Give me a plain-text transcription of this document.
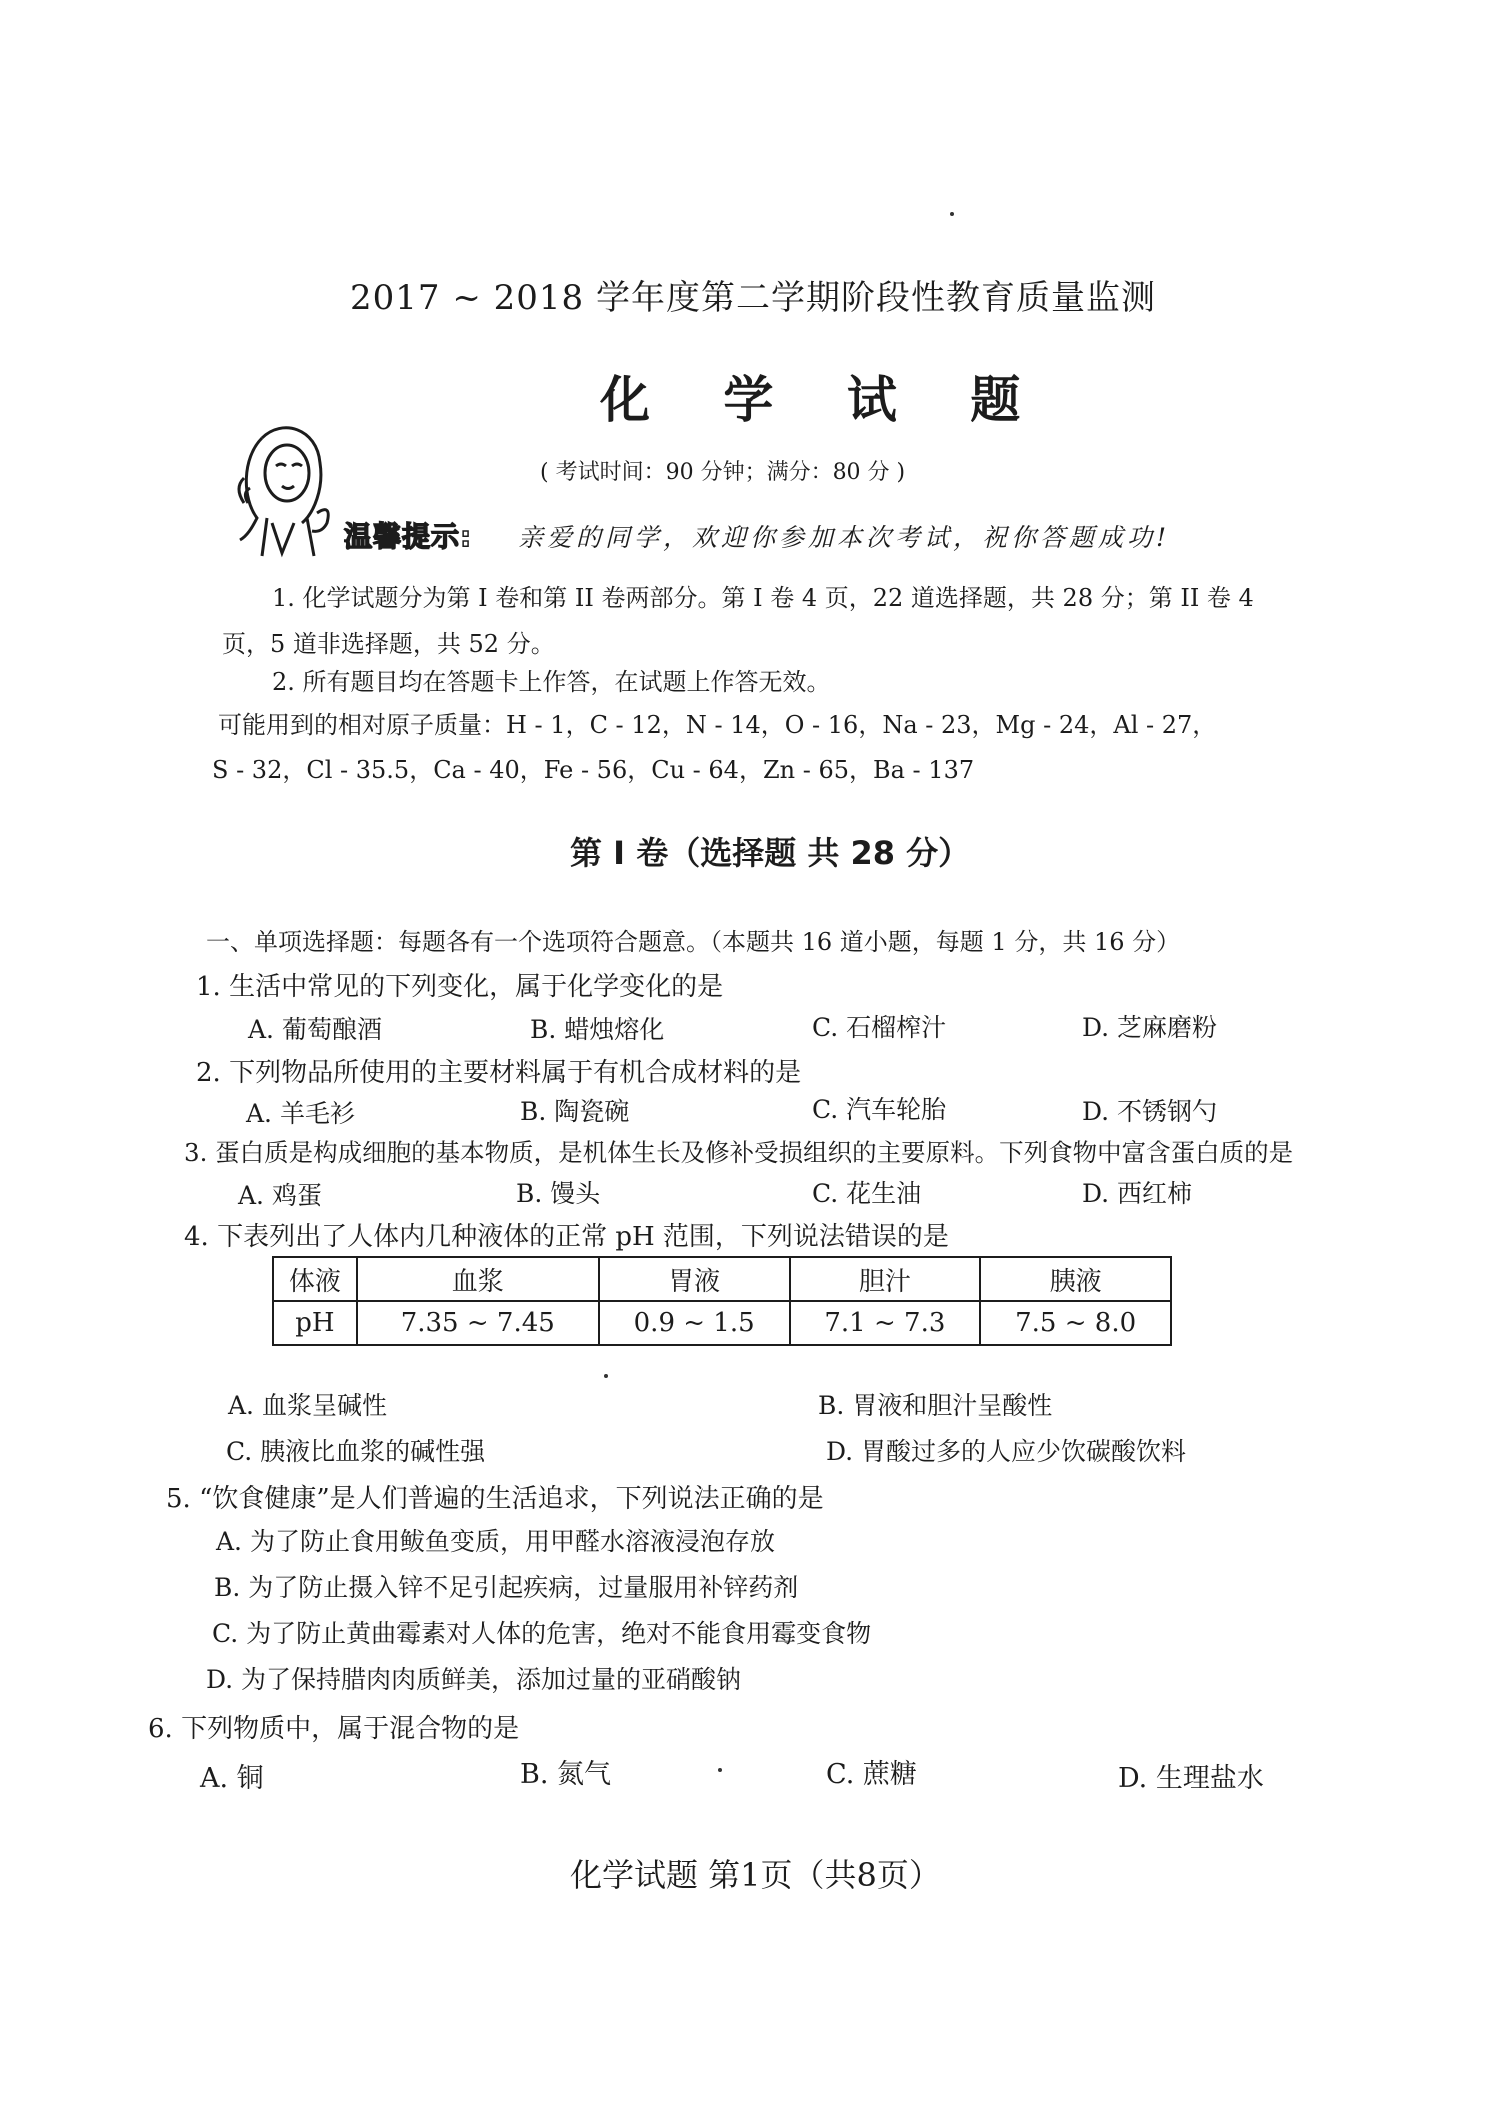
2017 ~ 2018 学年度第二学期阶段性教育质量监测
化 学 试 题
( 考试时间：90 分钟；满分：80 分 )
温馨提示: 亲爱的同学，欢迎你参加本次考试，祝你答题成功!
1. 化学试题分为第 I 卷和第 II 卷两部分。第 I 卷 4 页，22 道选择题，共 28 分；第 II 卷 4
页，5 道非选择题，共 52 分。
2. 所有题目均在答题卡上作答，在试题上作答无效。
可能用到的相对原子质量：H - 1，C - 12，N - 14，O - 16，Na - 23，Mg - 24，Al - 27，
S - 32，Cl - 35.5，Ca - 40，Fe - 56，Cu - 64，Zn - 65，Ba - 137
第 I 卷（选择题 共 28 分）
一、单项选择题：每题各有一个选项符合题意。（本题共 16 道小题，每题 1 分，共 16 分）
1. 生活中常见的下列变化，属于化学变化的是
A. 葡萄酿酒	B. 蜡烛熔化	C. 石榴榨汁	D. 芝麻磨粉
2. 下列物品所使用的主要材料属于有机合成材料的是
A. 羊毛衫	B. 陶瓷碗	C. 汽车轮胎	D. 不锈钢勺
3. 蛋白质是构成细胞的基本物质，是机体生长及修补受损组织的主要原料。下列食物中富含蛋白质的是
A. 鸡蛋	B. 馒头	C. 花生油	D. 西红柿
4. 下表列出了人体内几种液体的正常 pH 范围，下列说法错误的是
体液	血浆	胃液	胆汁	胰液
pH	7.35 ~ 7.45	0.9 ~ 1.5	7.1 ~ 7.3	7.5 ~ 8.0
A. 血浆呈碱性	B. 胃液和胆汁呈酸性
C. 胰液比血浆的碱性强	D. 胃酸过多的人应少饮碳酸饮料
5. “饮食健康”是人们普遍的生活追求，下列说法正确的是
A. 为了防止食用鲅鱼变质，用甲醛水溶液浸泡存放
B. 为了防止摄入锌不足引起疾病，过量服用补锌药剂
C. 为了防止黄曲霉素对人体的危害，绝对不能食用霉变食物
D. 为了保持腊肉肉质鲜美，添加过量的亚硝酸钠
6. 下列物质中，属于混合物的是
A. 铜	B. 氮气	C. 蔗糖	D. 生理盐水
化学试题 第1页（共8页）
